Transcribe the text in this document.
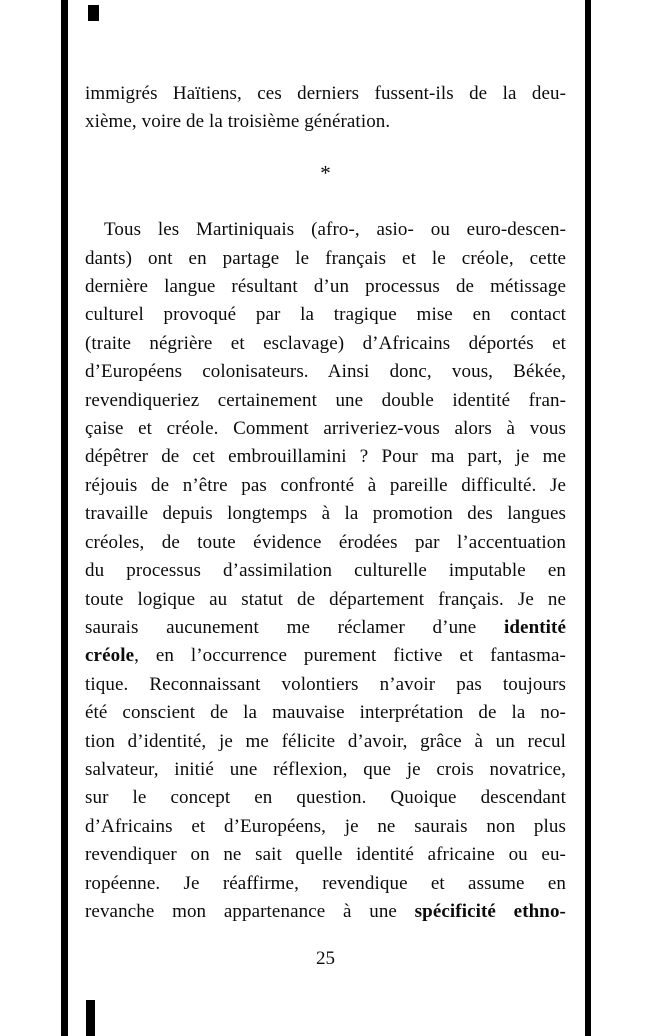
immigrés Haïtiens, ces derniers fussent-ils de la deu-
xième, voire de la troisième génération.
*
Tous les Martiniquais (afro-, asio- ou euro-descen-
dants) ont en partage le français et le créole, cette
dernière langue résultant d’un processus de métissage
culturel provoqué par la tragique mise en contact
(traite négrière et esclavage) d’Africains déportés et
d’Européens colonisateurs. Ainsi donc, vous, Békée,
revendiqueriez certainement une double identité fran-
çaise et créole. Comment arriveriez-vous alors à vous
dépêtrer de cet embrouillamini ? Pour ma part, je me
réjouis de n’être pas confronté à pareille difficulté. Je
travaille depuis longtemps à la promotion des langues
créoles, de toute évidence érodées par l’accentuation
du processus d’assimilation culturelle imputable en
toute logique au statut de département français. Je ne
saurais aucunement me réclamer d’une identité
créole, en l’occurrence purement fictive et fantasma-
tique. Reconnaissant volontiers n’avoir pas toujours
été conscient de la mauvaise interprétation de la no-
tion d’identité, je me félicite d’avoir, grâce à un recul
salvateur, initié une réflexion, que je crois novatrice,
sur le concept en question. Quoique descendant
d’Africains et d’Européens, je ne saurais non plus
revendiquer on ne sait quelle identité africaine ou eu-
ropéenne. Je réaffirme, revendique et assume en
revanche mon appartenance à une spécificité ethno-
25
